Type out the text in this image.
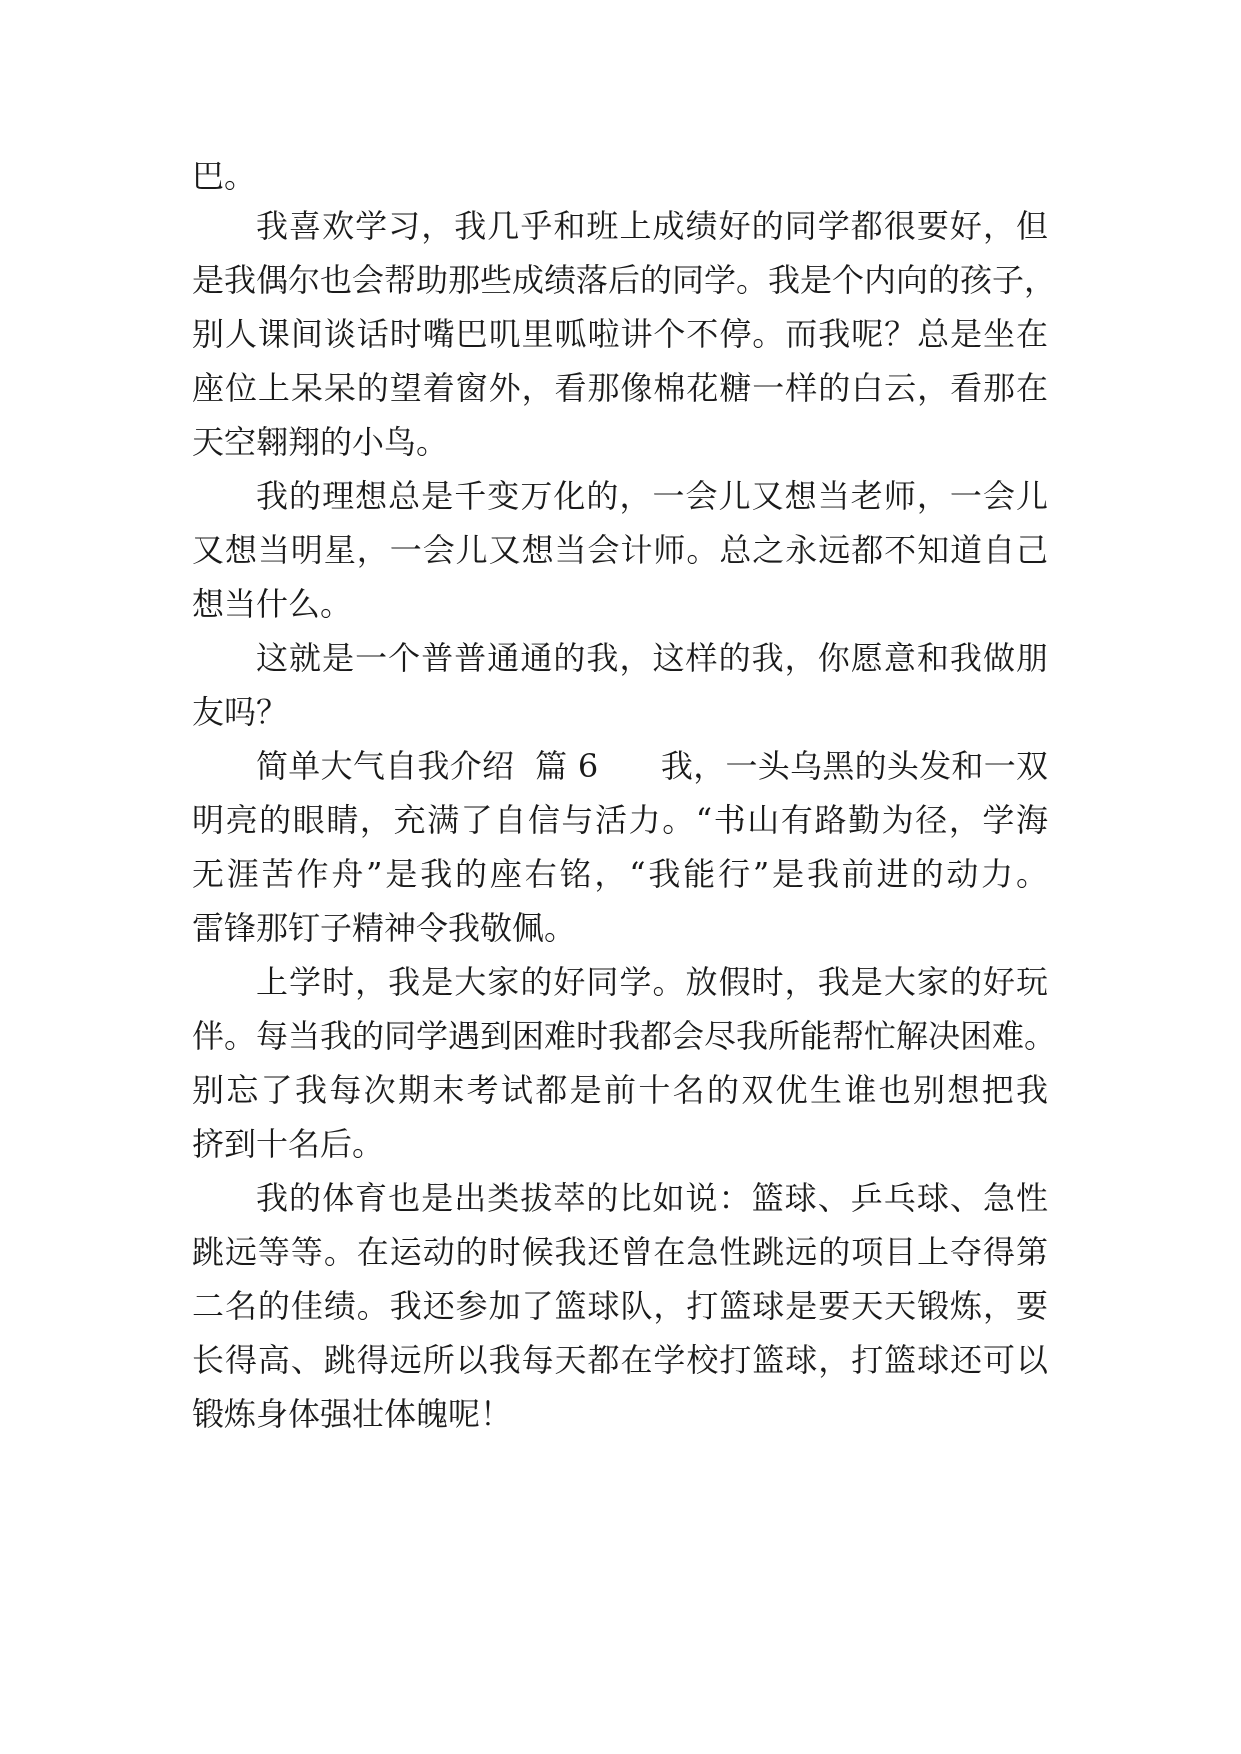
巴。
我喜欢学习，我几乎和班上成绩好的同学都很要好，但
是我偶尔也会帮助那些成绩落后的同学。我是个内向的孩子，
别人课间谈话时嘴巴叽里呱啦讲个不停。而我呢？总是坐在
座位上呆呆的望着窗外，看那像棉花糖一样的白云，看那在
天空翱翔的小鸟。
我的理想总是千变万化的，一会儿又想当老师，一会儿
又想当明星，一会儿又想当会计师。总之永远都不知道自己
想当什么。
这就是一个普普通通的我，这样的我，你愿意和我做朋
友吗？
简单大气自我介绍  篇 6      我，一头乌黑的头发和一双
明亮的眼睛，充满了自信与活力。“书山有路勤为径，学海
无涯苦作舟”是我的座右铭，“我能行”是我前进的动力。
雷锋那钉子精神令我敬佩。
上学时，我是大家的好同学。放假时，我是大家的好玩
伴。每当我的同学遇到困难时我都会尽我所能帮忙解决困难。
别忘了我每次期末考试都是前十名的双优生谁也别想把我
挤到十名后。
我的体育也是出类拔萃的比如说：篮球、乒乓球、急性
跳远等等。在运动的时候我还曾在急性跳远的项目上夺得第
二名的佳绩。我还参加了篮球队，打篮球是要天天锻炼，要
长得高、跳得远所以我每天都在学校打篮球，打篮球还可以
锻炼身体强壮体魄呢！
